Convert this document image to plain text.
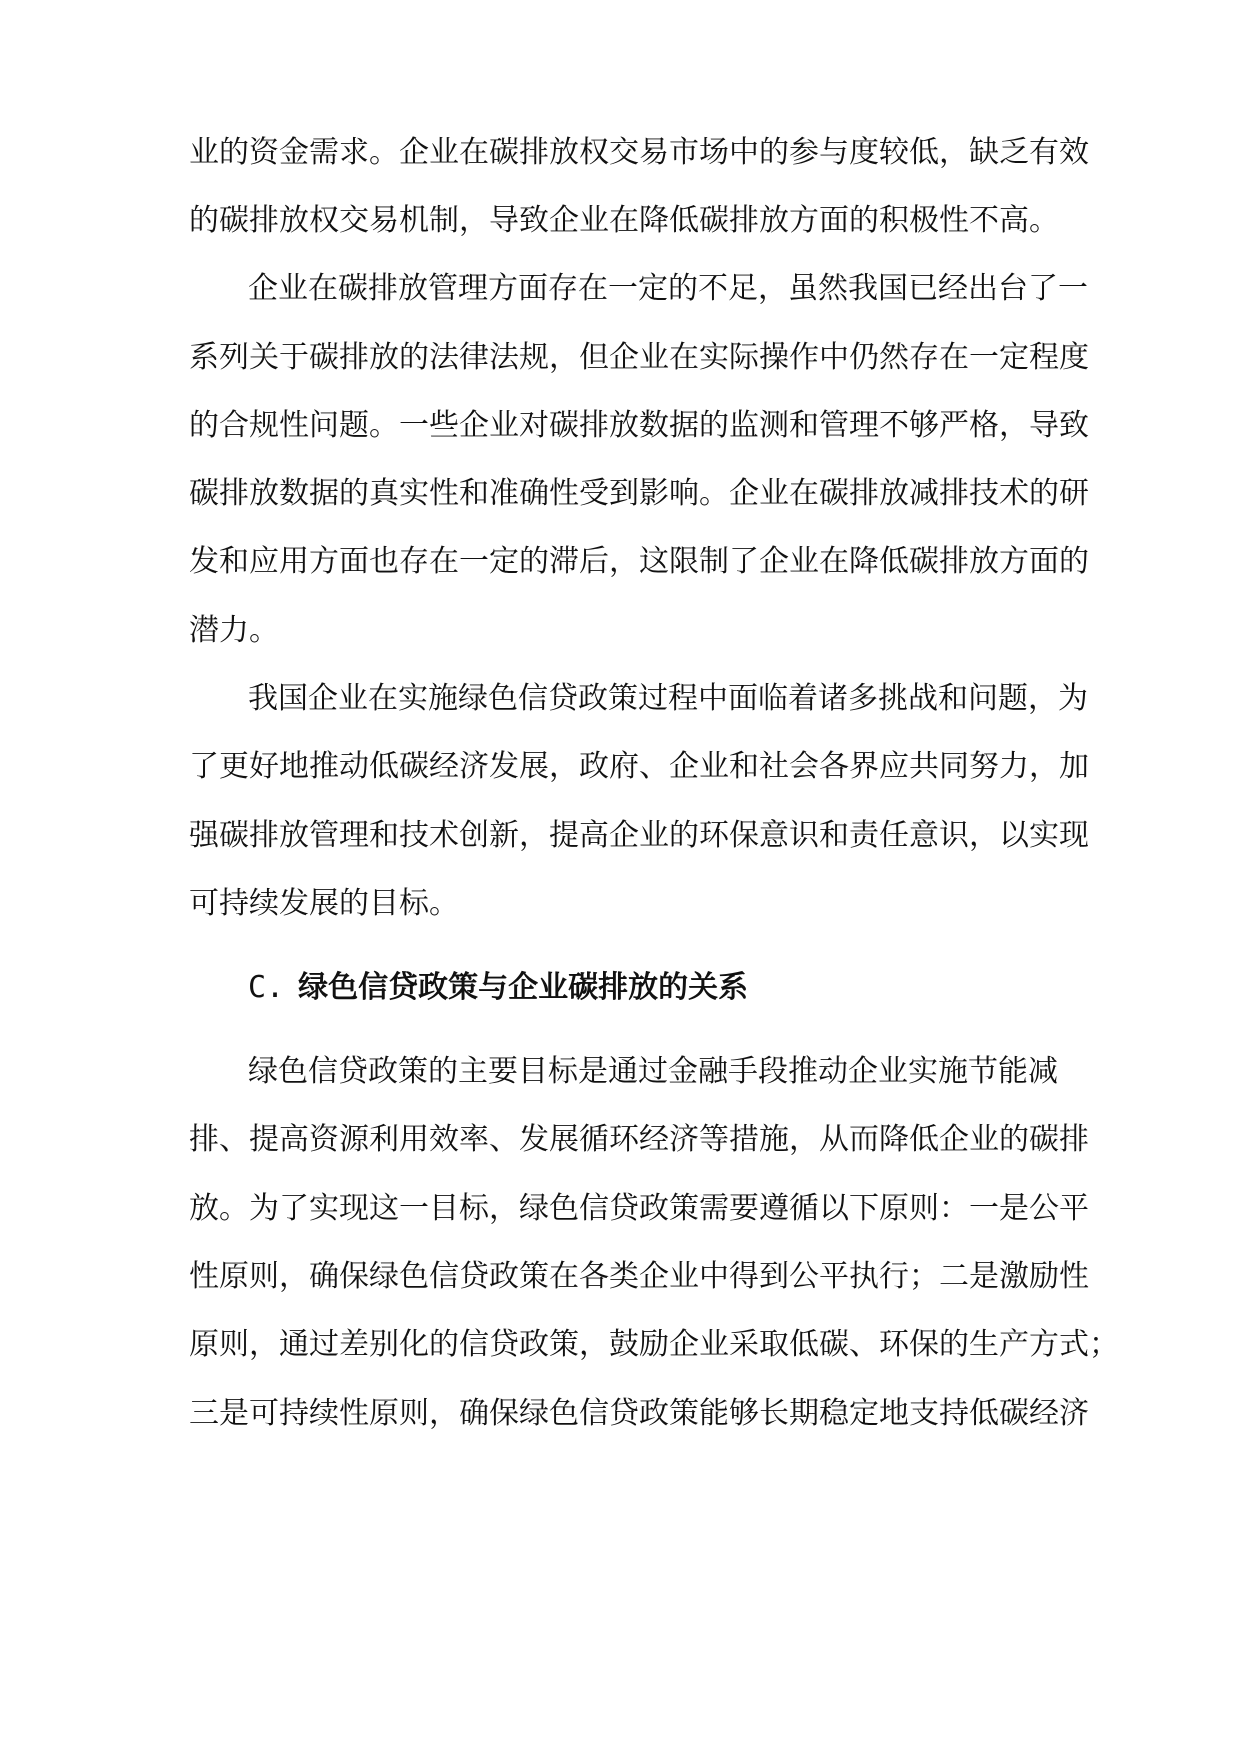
业的资金需求。企业在碳排放权交易市场中的参与度较低，缺乏有效
的碳排放权交易机制，导致企业在降低碳排放方面的积极性不高。
企业在碳排放管理方面存在一定的不足，虽然我国已经出台了一
系列关于碳排放的法律法规，但企业在实际操作中仍然存在一定程度
的合规性问题。一些企业对碳排放数据的监测和管理不够严格，导致
碳排放数据的真实性和准确性受到影响。企业在碳排放减排技术的研
发和应用方面也存在一定的滞后，这限制了企业在降低碳排放方面的
潜力。
我国企业在实施绿色信贷政策过程中面临着诸多挑战和问题，为
了更好地推动低碳经济发展，政府、企业和社会各界应共同努力，加
强碳排放管理和技术创新，提高企业的环保意识和责任意识，以实现
可持续发展的目标。
C. 绿色信贷政策与企业碳排放的关系
绿色信贷政策的主要目标是通过金融手段推动企业实施节能减
排、提高资源利用效率、发展循环经济等措施，从而降低企业的碳排
放。为了实现这一目标，绿色信贷政策需要遵循以下原则：一是公平
性原则，确保绿色信贷政策在各类企业中得到公平执行；二是激励性
原则，通过差别化的信贷政策，鼓励企业采取低碳、环保的生产方式；
三是可持续性原则，确保绿色信贷政策能够长期稳定地支持低碳经济
